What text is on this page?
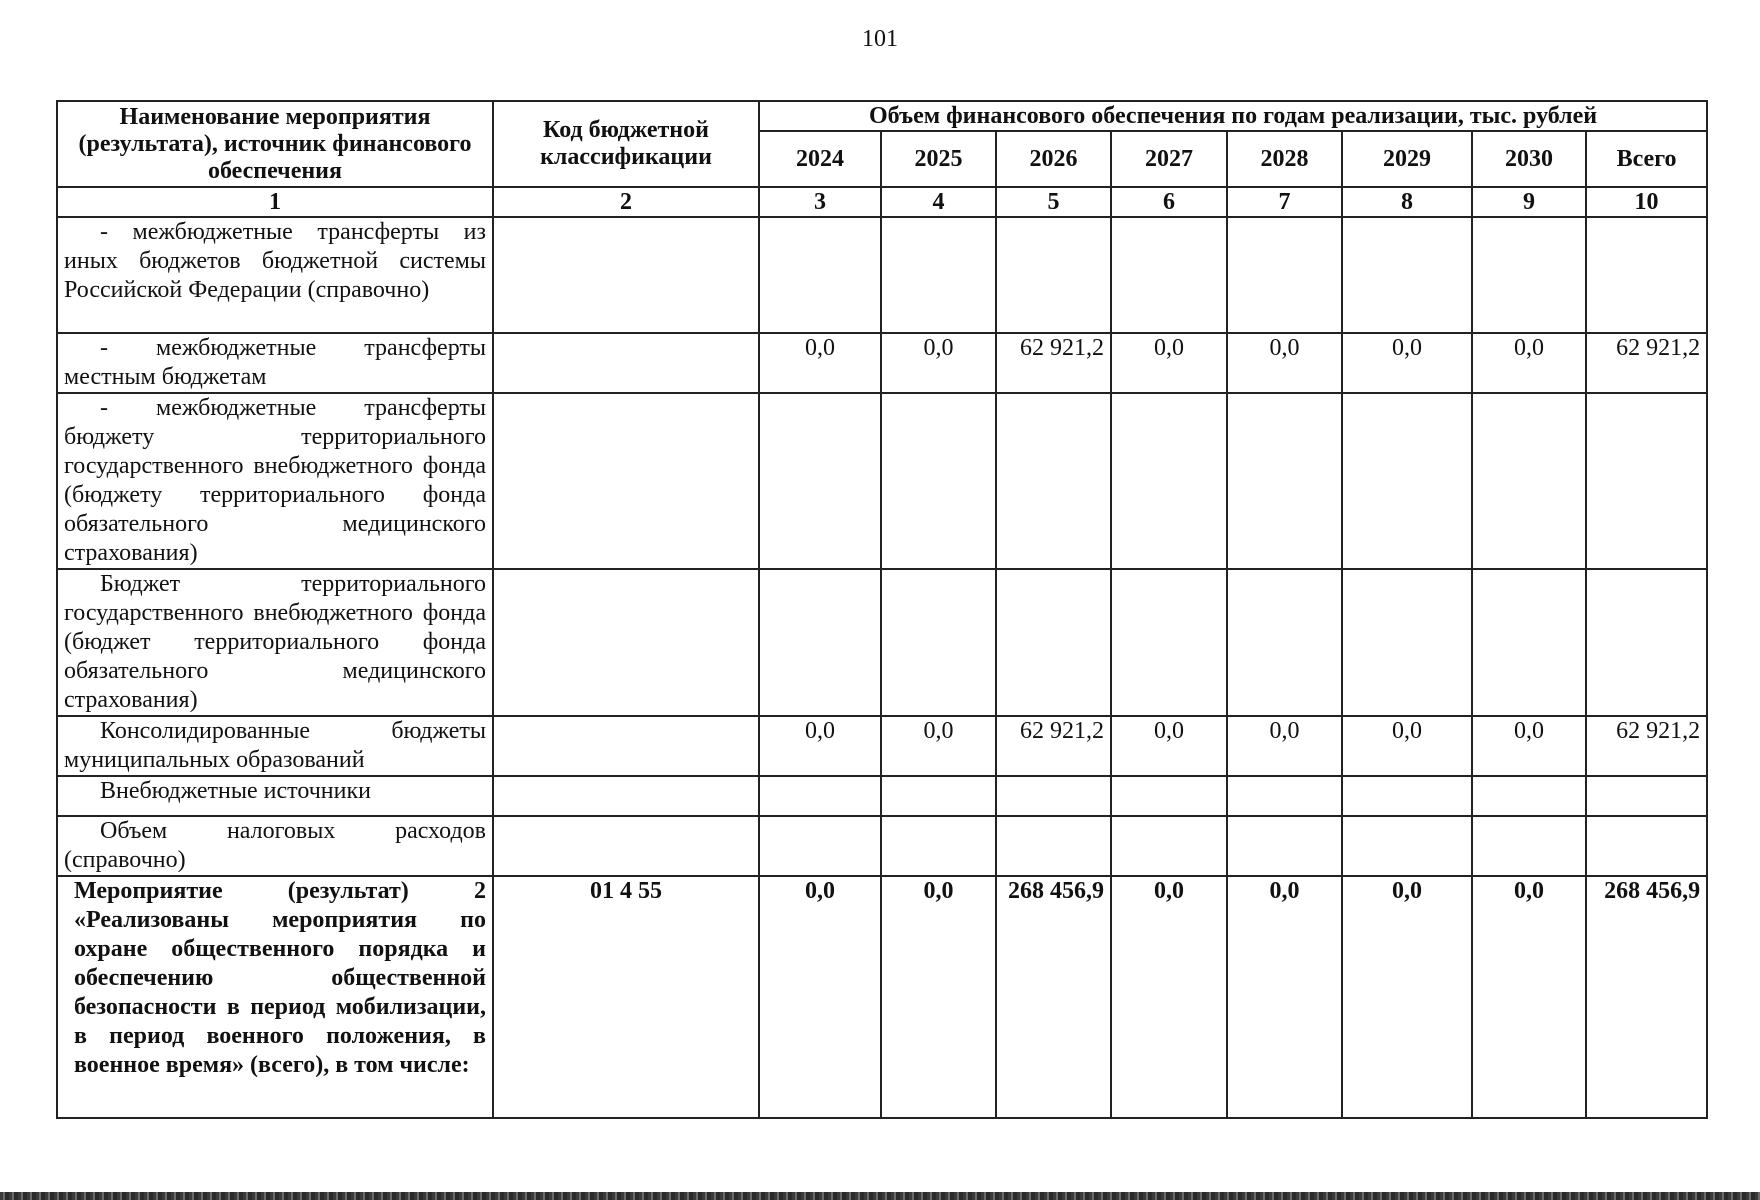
101
Наименование мероприятия (результата), источник финансового обеспечения	Код бюджетной классификации	Объем финансового обеспечения по годам реализации, тыс. рублей							
		2024	2025	2026	2027	2028	2029	2030	Всего
1	2	3	4	5	6	7	8	9	10
- межбюджетные трансферты из иных бюджетов бюджетной системы Российской Федерации (справочно)									
- межбюджетные трансферты местным бюджетам		0,0	0,0	62 921,2	0,0	0,0	0,0	0,0	62 921,2
- межбюджетные трансферты бюджету территориального государственного внебюджетного фонда (бюджету территориального фонда обязательного медицинского страхования)									
Бюджет территориального государственного внебюджетного фонда (бюджет территориального фонда обязательного медицинского страхования)									
Консолидированные бюджеты муниципальных образований		0,0	0,0	62 921,2	0,0	0,0	0,0	0,0	62 921,2
Внебюджетные источники									
Объем налоговых расходов (справочно)									
Мероприятие (результат) 2 «Реализованы мероприятия по охране общественного порядка и обеспечению общественной безопасности в период мобилизации, в период военного положения, в военное время» (всего), в том числе:	01 4 55	0,0	0,0	268 456,9	0,0	0,0	0,0	0,0	268 456,9
